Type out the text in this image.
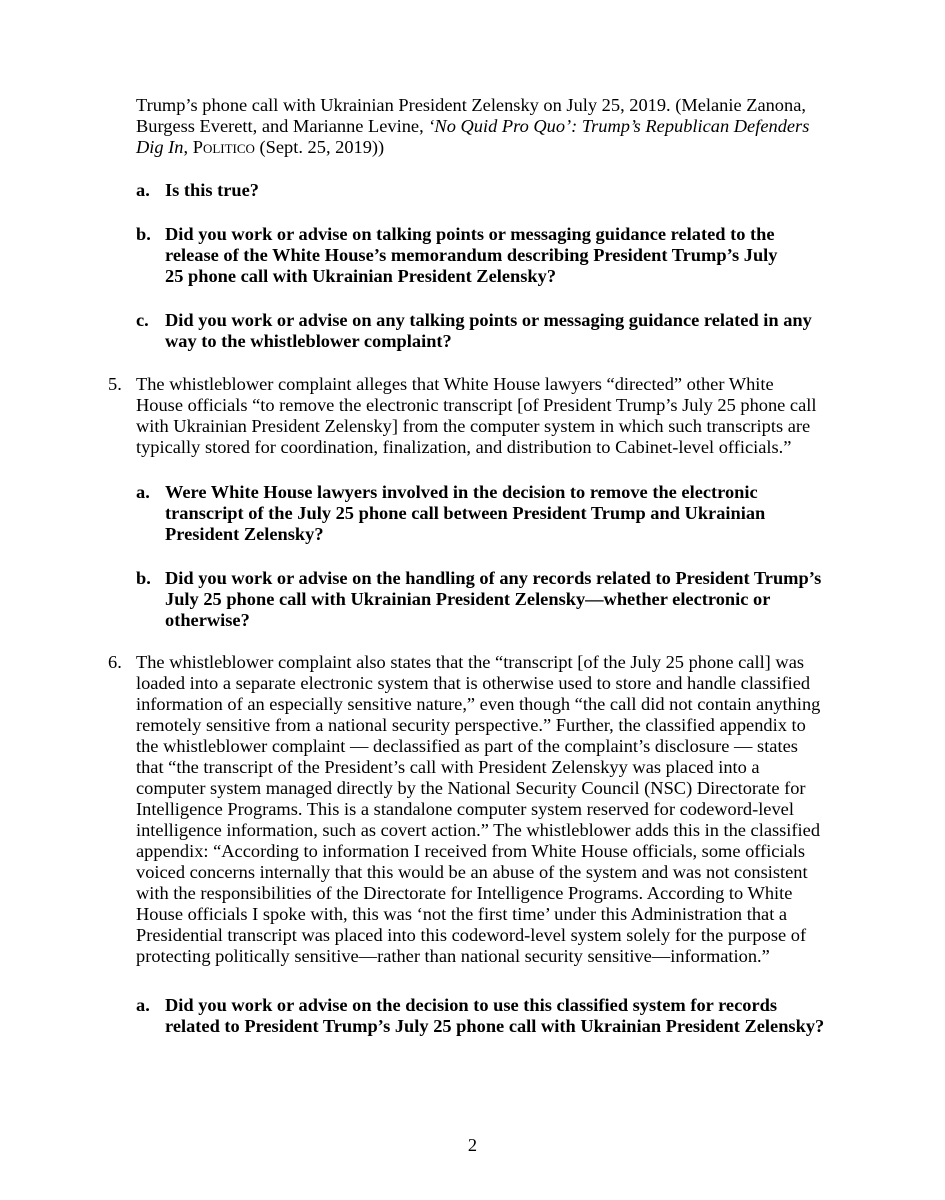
Trump’s phone call with Ukrainian President Zelensky on July 25, 2019. (Melanie Zanona,
Burgess Everett, and Marianne Levine, ‘No Quid Pro Quo’: Trump’s Republican Defenders
Dig In, Politico (Sept. 25, 2019))
a. Is this true?
b. Did you work or advise on talking points or messaging guidance related to the
release of the White House’s memorandum describing President Trump’s July
25 phone call with Ukrainian President Zelensky?
c. Did you work or advise on any talking points or messaging guidance related in any
way to the whistleblower complaint?
5. The whistleblower complaint alleges that White House lawyers “directed” other White
House officials “to remove the electronic transcript [of President Trump’s July 25 phone call
with Ukrainian President Zelensky] from the computer system in which such transcripts are
typically stored for coordination, finalization, and distribution to Cabinet-level officials.”
a. Were White House lawyers involved in the decision to remove the electronic
transcript of the July 25 phone call between President Trump and Ukrainian
President Zelensky?
b. Did you work or advise on the handling of any records related to President Trump’s
July 25 phone call with Ukrainian President Zelensky—whether electronic or
otherwise?
6. The whistleblower complaint also states that the “transcript [of the July 25 phone call] was
loaded into a separate electronic system that is otherwise used to store and handle classified
information of an especially sensitive nature,” even though “the call did not contain anything
remotely sensitive from a national security perspective.” Further, the classified appendix to
the whistleblower complaint — declassified as part of the complaint’s disclosure — states
that “the transcript of the President’s call with President Zelenskyy was placed into a
computer system managed directly by the National Security Council (NSC) Directorate for
Intelligence Programs. This is a standalone computer system reserved for codeword-level
intelligence information, such as covert action.” The whistleblower adds this in the classified
appendix: “According to information I received from White House officials, some officials
voiced concerns internally that this would be an abuse of the system and was not consistent
with the responsibilities of the Directorate for Intelligence Programs. According to White
House officials I spoke with, this was ‘not the first time’ under this Administration that a
Presidential transcript was placed into this codeword-level system solely for the purpose of
protecting politically sensitive—rather than national security sensitive—information.”
a. Did you work or advise on the decision to use this classified system for records
related to President Trump’s July 25 phone call with Ukrainian President Zelensky?
2
